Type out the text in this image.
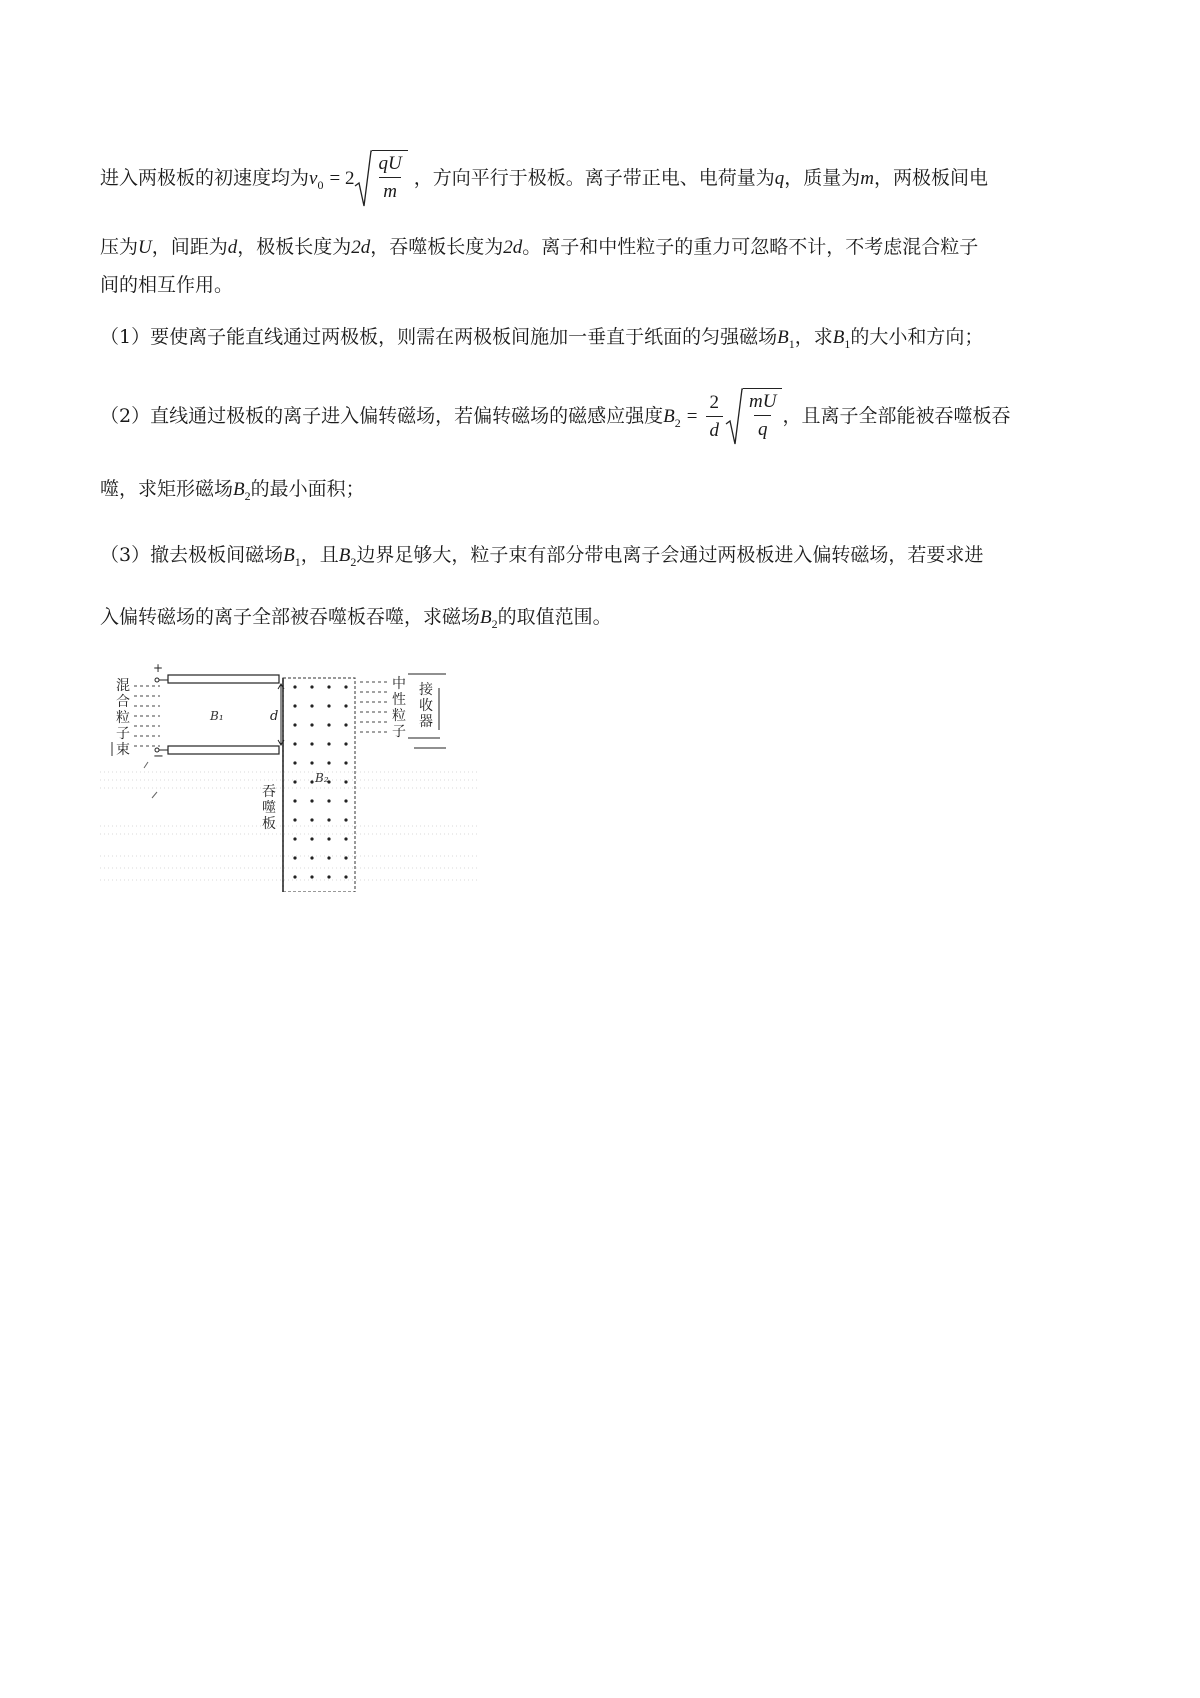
进入两极板的初速度均为$v_0 = 2 \frac{qU}{m}$ ，方向平行于极板。离子带正电、电荷量为q，质量为m，两极板间电
压为U，间距为d，极板长度为2d，吞噬板长度为2d。离子和中性粒子的重力可忽略不计，不考虑混合粒子
间的相互作用。
（1）要使离子能直线通过两极板，则需在两极板间施加一垂直于纸面的匀强磁场$B_1$，求$B_1$的大小和方向；
（2）直线通过极板的离子进入偏转磁场，若偏转磁场的磁感应强度$B_2 = \frac{2}{d} \frac{mU}{q}$ ，且离子全部能被吞噬板吞
噬，求矩形磁场$B_2$的最小面积；
（3）撤去极板间磁场$B_1$，且$B_2$边界足够大，粒子束有部分带电离子会通过两极板进入偏转磁场，若要求进
入偏转磁场的离子全部被吞噬板吞噬，求磁场$B_2$的取值范围。
混
合
粒
子
束
+
−
B₁	d
吞
噬
板
B₂
中
性
粒
子
接
收
器
